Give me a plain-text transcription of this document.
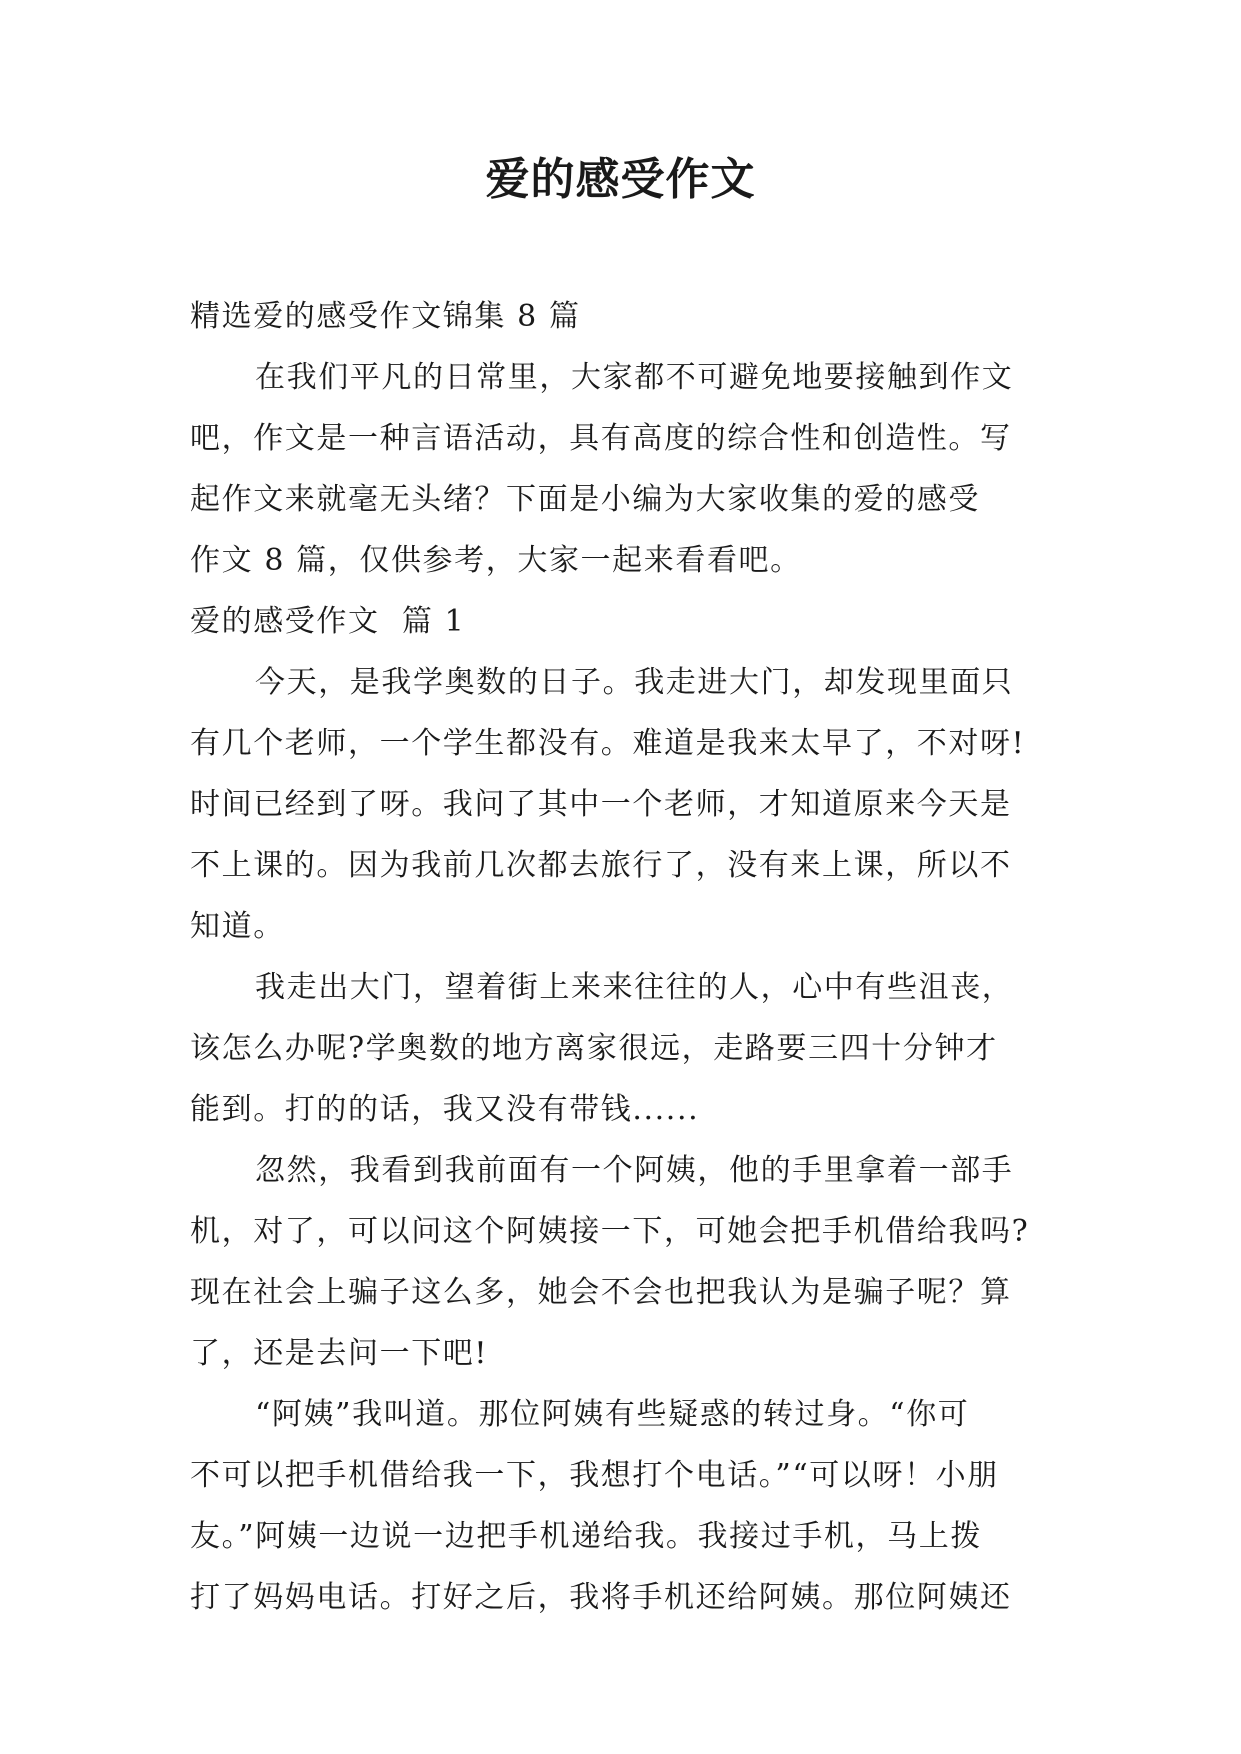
爱的感受作文

精选爱的感受作文锦集 8 篇

在我们平凡的日常里，大家都不可避免地要接触到作文

吧，作文是一种言语活动，具有高度的综合性和创造性。写

起作文来就毫无头绪？下面是小编为大家收集的爱的感受

作文 8 篇，仅供参考，大家一起来看看吧。

爱的感受作文  篇 1

今天，是我学奥数的日子。我走进大门，却发现里面只

有几个老师，一个学生都没有。难道是我来太早了，不对呀!

时间已经到了呀。我问了其中一个老师，才知道原来今天是

不上课的。因为我前几次都去旅行了，没有来上课，所以不

知道。

我走出大门，望着街上来来往往的人，心中有些沮丧，

该怎么办呢?学奥数的地方离家很远，走路要三四十分钟才

能到。打的的话，我又没有带钱......

忽然，我看到我前面有一个阿姨，他的手里拿着一部手

机，对了，可以问这个阿姨接一下，可她会把手机借给我吗?

现在社会上骗子这么多，她会不会也把我认为是骗子呢？算

了，还是去问一下吧!

“阿姨”我叫道。那位阿姨有些疑惑的转过身。“你可

不可以把手机借给我一下，我想打个电话。”“可以呀！小朋

友。”阿姨一边说一边把手机递给我。我接过手机，马上拨

打了妈妈电话。打好之后，我将手机还给阿姨。那位阿姨还
